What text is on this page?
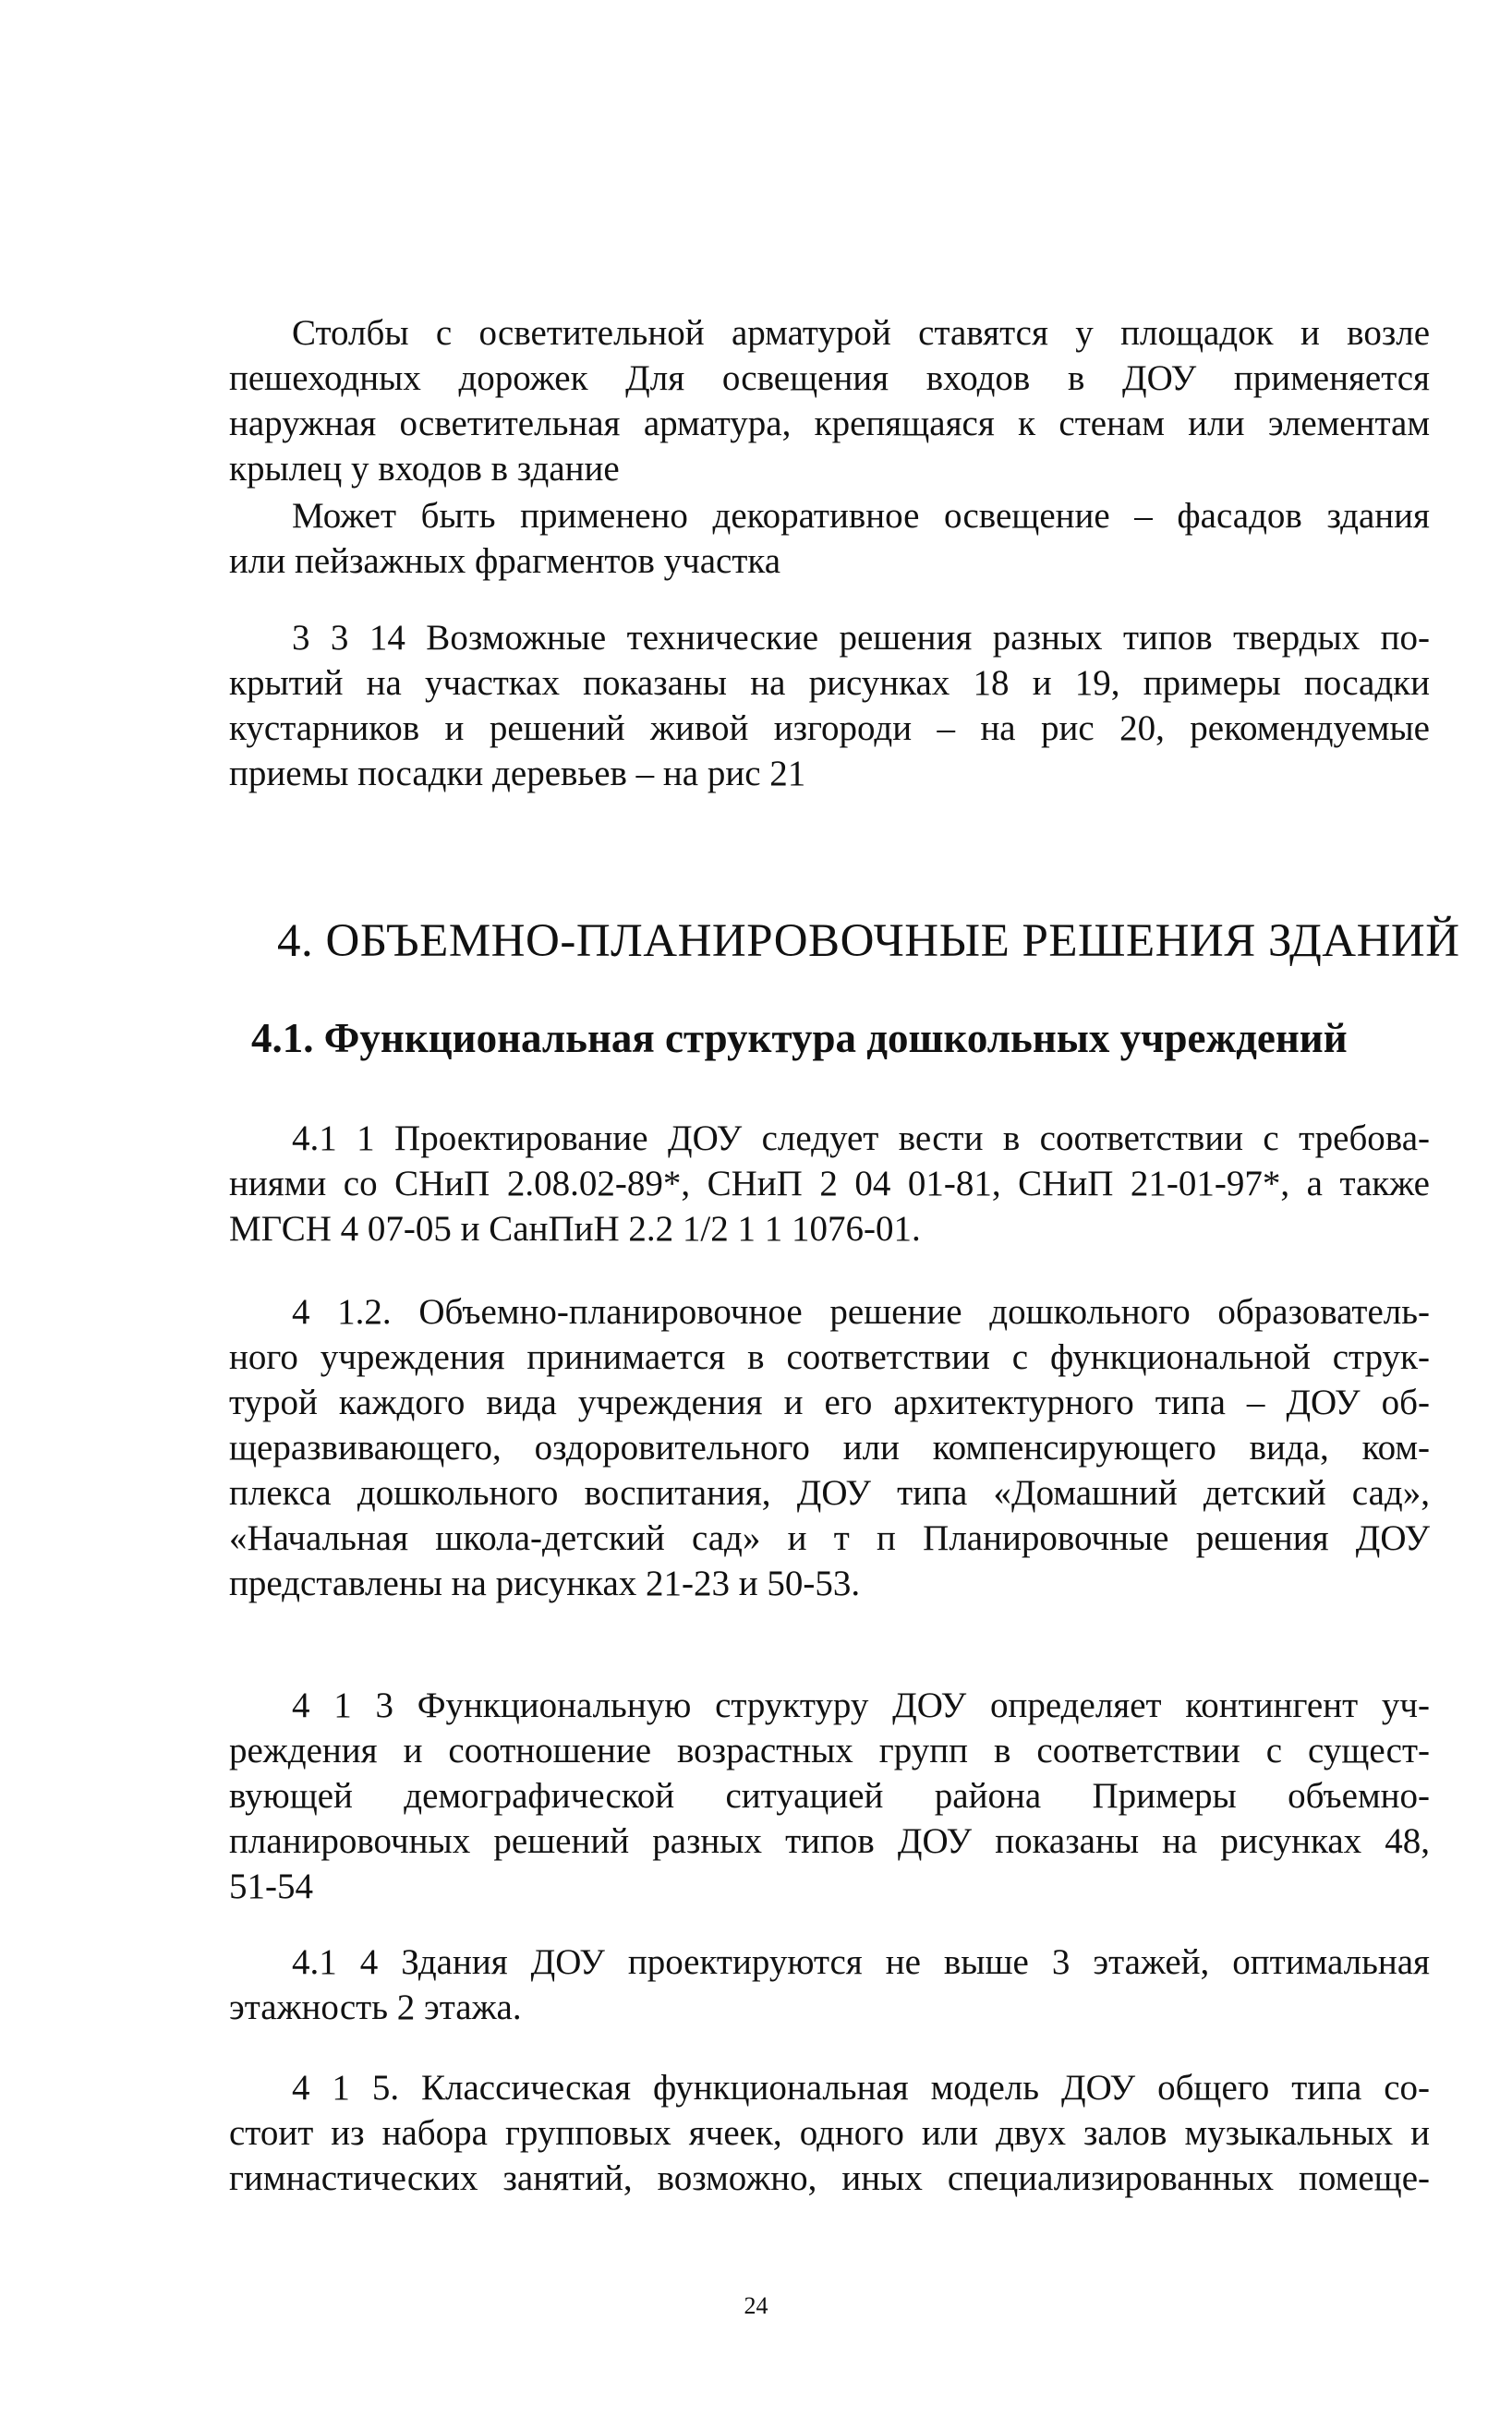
Столбы с осветительной арматурой ставятся у площадок и возле
пешеходных дорожек Для освещения входов в ДОУ применяется
наружная осветительная арматура, крепящаяся к стенам или элементам
крылец у входов в здание

Может быть применено декоративное освещение – фасадов здания
или пейзажных фрагментов участка

3 3 14 Возможные технические решения разных типов твердых по-
крытий на участках показаны на рисунках 18 и 19, примеры посадки
кустарников и решений живой изгороди – на рис 20, рекомендуемые
приемы посадки деревьев – на рис 21

4. ОБЪЕМНО-ПЛАНИРОВОЧНЫЕ РЕШЕНИЯ ЗДАНИЙ
4.1. Функциональная структура дошкольных учреждений

4.1 1 Проектирование ДОУ следует вести в соответствии с требова-
ниями со СНиП 2.08.02-89*, СНиП 2 04 01-81, СНиП 21-01-97*, а также
МГСН 4 07-05 и СанПиН 2.2 1/2 1 1 1076-01.

4 1.2. Объемно-планировочное решение дошкольного образователь-
ного учреждения принимается в соответствии с функциональной струк-
турой каждого вида учреждения и его архитектурного типа – ДОУ об-
щеразвивающего, оздоровительного или компенсирующего вида, ком-
плекса дошкольного воспитания, ДОУ типа «Домашний детский сад»,
«Начальная школа-детский сад» и т п Планировочные решения ДОУ
представлены на рисунках 21-23 и 50-53.

4 1 3 Функциональную структуру ДОУ определяет контингент уч-
реждения и соотношение возрастных групп в соответствии с сущест-
вующей демографической ситуацией района Примеры объемно-
планировочных решений разных типов ДОУ показаны на рисунках 48,
51-54

4.1 4 Здания ДОУ проектируются не выше 3 этажей, оптимальная
этажность 2 этажа.

4 1 5. Классическая функциональная модель ДОУ общего типа со-
стоит из набора групповых ячеек, одного или двух залов музыкальных и
гимнастических занятий, возможно, иных специализированных помеще-

24
